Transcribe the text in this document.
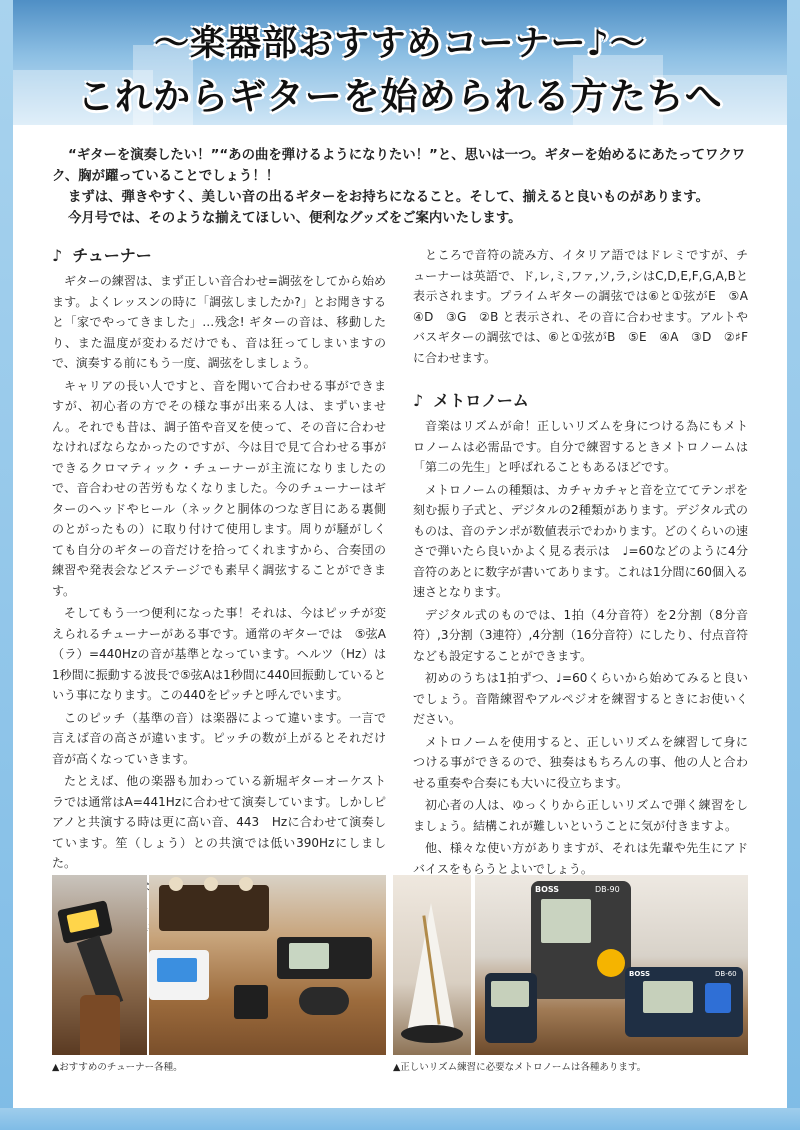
～楽器部おすすめコーナー♪～
これからギターを始められる方たちへ

“ギターを演奏したい！”“あの曲を弾けるようになりたい！”と、思いは一つ。ギターを始めるにあたってワクワク、胸が躍っていることでしょう！！

まずは、弾きやすく、美しい音の出るギターをお持ちになること。そして、揃えると良いものがあります。

今月号では、そのような揃えてほしい、便利なグッズをご案内いたします。

♪ チューナー

ギターの練習は、まず正しい音合わせ=調弦をしてから始めます。よくレッスンの時に「調弦しましたか?」とお聞きすると「家でやってきました」…残念! ギターの音は、移動したり、また温度が変わるだけでも、音は狂ってしまいますので、演奏する前にもう一度、調弦をしましょう。

キャリアの長い人ですと、音を聞いて合わせる事ができますが、初心者の方でその様な事が出来る人は、まずいません。それでも昔は、調子笛や音叉を使って、その音に合わせなければならなかったのですが、今は目で見て合わせる事ができるクロマティック・チューナーが主流になりましたので、音合わせの苦労もなくなりました。今のチューナーはギターのヘッドやヒール（ネックと胴体のつなぎ目にある裏側のとがったもの）に取り付けて使用します。周りが騒がしくても自分のギターの音だけを拾ってくれますから、合奏団の練習や発表会などステージでも素早く調弦することができます。

そしてもう一つ便利になった事！それは、今はピッチが変えられるチューナーがある事です。通常のギターでは　⑤弦A（ラ）=440Hzの音が基準となっています。ヘルツ（Hz）は1秒間に振動する波長で⑤弦Aは1秒間に440回振動しているという事になります。この440をピッチと呼んでいます。

このピッチ（基準の音）は楽器によって違います。一言で言えば音の高さが違います。ピッチの数が上がるとそれだけ音が高くなっていきます。

たとえば、他の楽器も加わっている新堀ギターオーケストラでは通常はA=441Hzに合わせて演奏しています。しかしピアノと共演する時は更に高い音、443　Hzに合わせて演奏しています。笙（しょう）との共演では低い390Hzにしました。

ところで音符の読み方、イタリア語ではドレミですが、チューナーは英語で、ド,レ,ミ,ファ,ソ,ラ,シはC,D,E,F,G,A,Bと表示されます。プライムギターの調弦では⑥と①弦がE　⑤A　④D　③G　②B と表示され、その音に合わせます。アルトやバスギターの調弦では、⑥と①弦がB　⑤E　④A　③D　②♯F に合わせます。

♪ メトロノーム

音楽はリズムが命！正しいリズムを身につける為にもメトロノームは必需品です。自分で練習するときメトロノームは「第二の先生」と呼ばれることもあるほどです。

メトロノームの種類は、カチャカチャと音を立ててテンポを刻む振り子式と、デジタルの2種類があります。デジタル式のものは、音のテンポが数値表示でわかります。どのくらいの速さで弾いたら良いかよく見る表示は　♩=60などのように4分音符のあとに数字が書いてあります。これは1分間に60個入る速さとなります。

デジタル式のものでは、1拍（4分音符）を2分割（8分音符）,3分割（3連符）,4分割（16分音符）にしたり、付点音符なども設定することができます。

初めのうちは1拍ずつ、♩=60くらいから始めてみると良いでしょう。音階練習やアルペジオを練習するときにお使いください。

メトロノームを使用すると、正しいリズムを練習して身につける事ができるので、独奏はもちろんの事、他の人と合わせる重奏や合奏にも大いに役立ちます。

初心者の人は、ゆっくりから正しいリズムで弾く練習をしましょう。結構これが難しいということに気が付きますよ。

他、様々な使い方がありますが、それは先輩や先生にアドバイスをもらうとよいでしょう。

BOSS	DB-90
BOSS	DB-60
▲おすすめのチューナー各種。	▲正しいリズム練習に必要なメトロノームは各種あります。
